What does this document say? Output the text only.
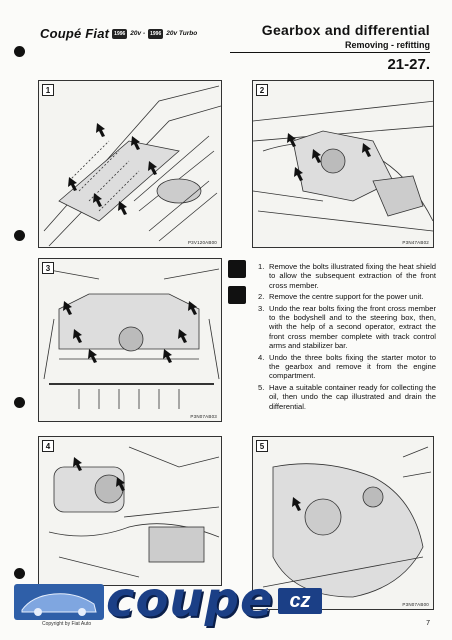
Coupé Fiat	1996 20v -	1996 20v Turbo	Gearbox and differential
Removing - refitting
21-27.
1
P3V120AB00
2
P3N47AB02
3
P3N07AB03
1. Remove the bolts illustrated fixing the heat shield to allow the subsequent extraction of the front cross member.
2. Remove the centre support for the power unit.
3. Undo the rear bolts fixing the front cross member to the bodyshell and to the steering box, then, with the help of a second operator, extract the front cross member complete with track control arms and stabilizer bar.
4. Undo the three bolts fixing the starter motor to the gearbox and remove it from the engine compartment.
5. Have a suitable container ready for collecting the oil, then undo the cap illustrated and drain the differential.
4	5
P3N07AB00
coupe cz
Copyright by Fiat Auto	7
